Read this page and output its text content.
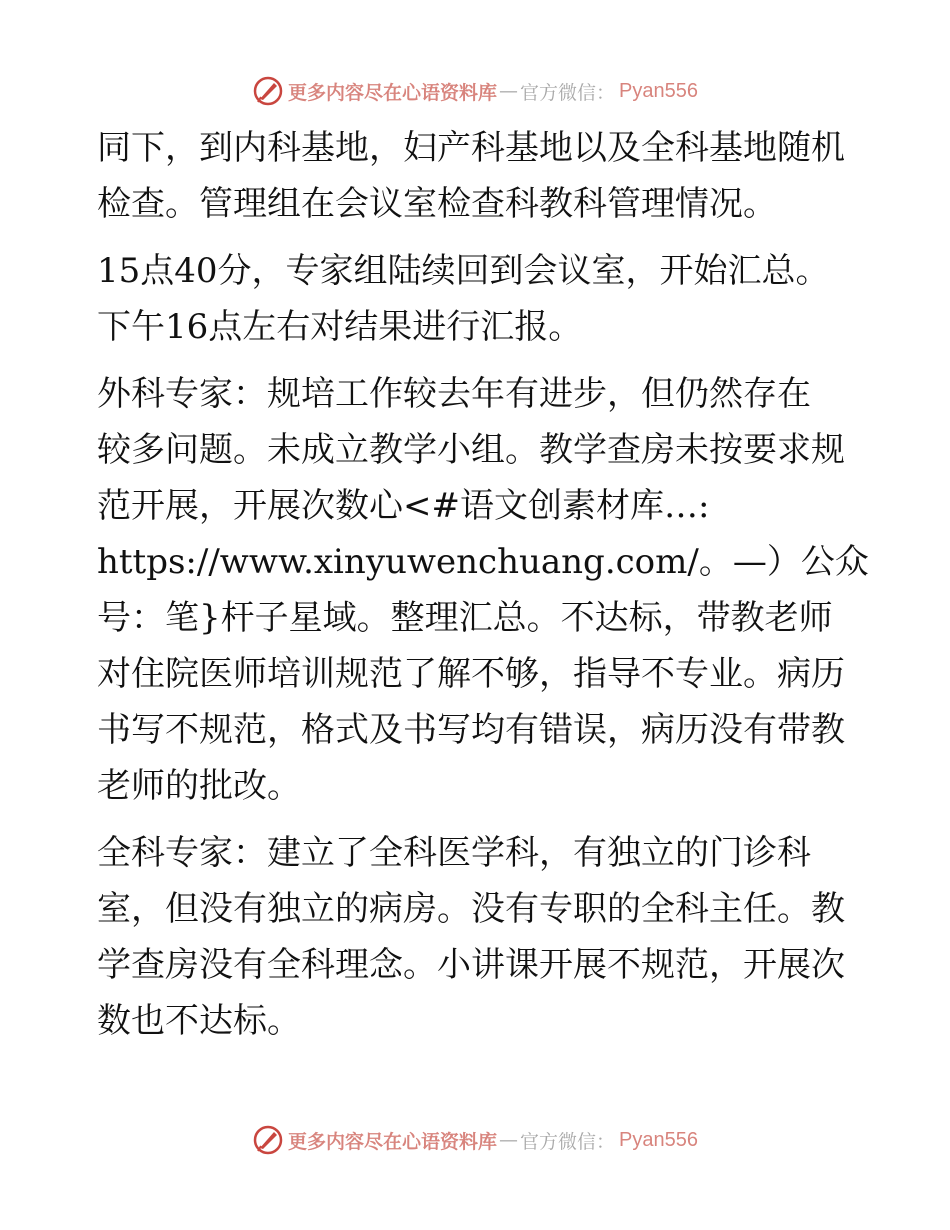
更多内容尽在心语资料库 — 官方微信： Pyan556
同下，到内科基地，妇产科基地以及全科基地随机
检查。管理组在会议室检查科教科管理情况。
15点40分，专家组陆续回到会议室，开始汇总。
下午16点左右对结果进行汇报。
外科专家：规培工作较去年有进步，但仍然存在
较多问题。未成立教学小组。教学查房未按要求规
范开展，开展次数心<#语文创素材库…:
https://www.xinyuwenchuang.com/。—）公众
号：笔}杆子星域。整理汇总。不达标，带教老师
对住院医师培训规范了解不够，指导不专业。病历
书写不规范，格式及书写均有错误，病历没有带教
老师的批改。
全科专家：建立了全科医学科，有独立的门诊科
室，但没有独立的病房。没有专职的全科主任。教
学查房没有全科理念。小讲课开展不规范，开展次
数也不达标。
更多内容尽在心语资料库 — 官方微信： Pyan556
